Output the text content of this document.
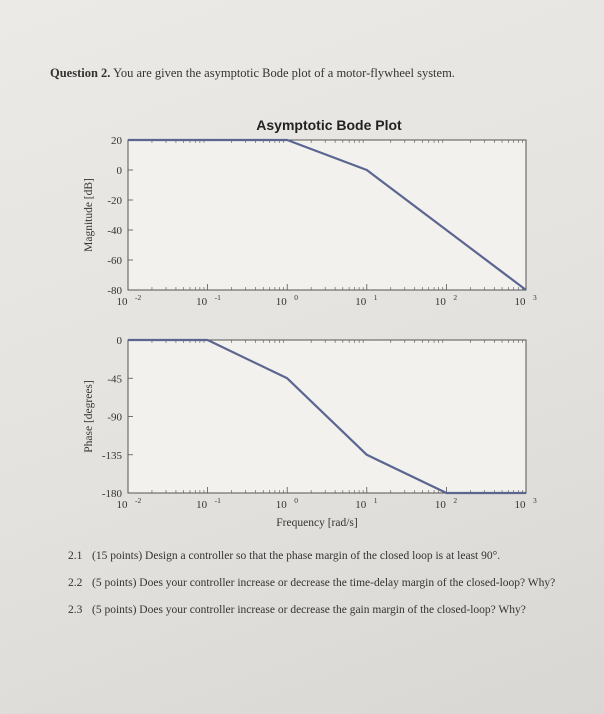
Question 2. You are given the asymptotic Bode plot of a motor-flywheel system.
10 -2	10 -1	10 0	10 1	10 2	10 3
20
0
-20
-40
-60
-80
Magnitude [dB]
Asymptotic Bode Plot
10 -2	10 -1	10 0	10 1	10 2	10 3
0
-45
-90
-135
-180
Phase [degrees]
Frequency [rad/s]
2.1 (15 points) Design a controller so that the phase margin of the closed loop is at least 90°.
2.2 (5 points) Does your controller increase or decrease the time-delay margin of the closed-loop? Why?
2.3 (5 points) Does your controller increase or decrease the gain margin of the closed-loop? Why?
